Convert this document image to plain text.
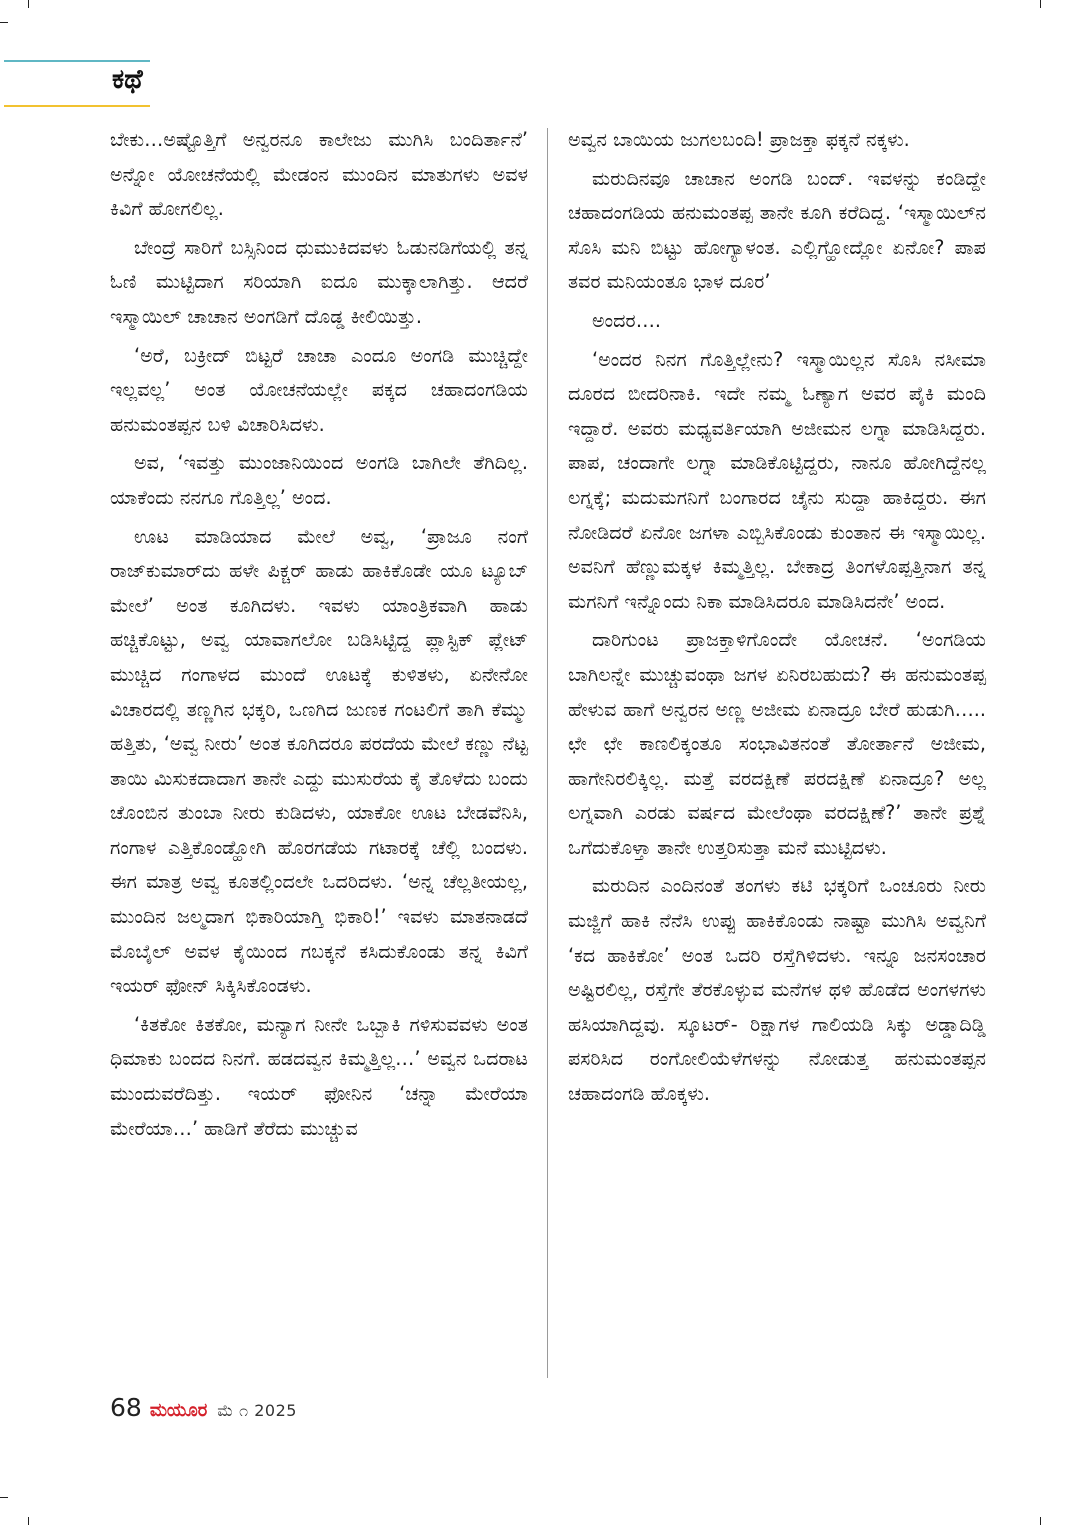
ಕಥೆ

ಬೇಕು…ಅಷ್ಟೊತ್ತಿಗೆ ಅನ್ವರನೂ ಕಾಲೇಜು ಮುಗಿಸಿ ಬಂದಿರ್ತಾನೆ’ ಅನ್ನೋ ಯೋಚನೆಯಲ್ಲಿ ಮೇಡಂನ ಮುಂದಿನ ಮಾತುಗಳು ಅವಳ ಕಿವಿಗೆ ಹೋಗಲಿಲ್ಲ.

ಬೇಂದ್ರೆ ಸಾರಿಗೆ ಬಸ್ಸಿನಿಂದ ಧುಮುಕಿದವಳು ಓಡುನಡಿಗೆಯಲ್ಲಿ ತನ್ನ ಓಣಿ ಮುಟ್ಟಿದಾಗ ಸರಿಯಾಗಿ ಐದೂ ಮುಕ್ಕಾಲಾಗಿತ್ತು. ಆದರೆ ಇಸ್ಮಾಯಿಲ್ ಚಾಚಾನ ಅಂಗಡಿಗೆ ದೊಡ್ಡ ಕೀಲಿಯಿತ್ತು.

‘ಅರೆ, ಬಕ್ರೀದ್ ಬಿಟ್ಟರೆ ಚಾಚಾ ಎಂದೂ ಅಂಗಡಿ ಮುಚ್ಚಿದ್ದೇ ಇಲ್ಲವಲ್ಲ’ ಅಂತ ಯೋಚನೆಯಲ್ಲೇ ಪಕ್ಕದ ಚಹಾದಂಗಡಿಯ ಹನುಮಂತಪ್ಪನ ಬಳಿ ವಿಚಾರಿಸಿದಳು.

ಅವ, ‘ಇವತ್ತು ಮುಂಜಾನಿಯಿಂದ ಅಂಗಡಿ ಬಾಗಿಲೇ ತೆಗಿದಿಲ್ಲ. ಯಾಕೆಂದು ನನಗೂ ಗೊತ್ತಿಲ್ಲ’ ಅಂದ.

ಊಟ ಮಾಡಿಯಾದ ಮೇಲೆ ಅವ್ವ, ‘ಪ್ರಾಜೂ ನಂಗೆ ರಾಜ್‌ಕುಮಾರ್‌ದು ಹಳೇ ಪಿಕ್ಚರ್ ಹಾಡು ಹಾಕಿಕೊಡೇ ಯೂ ಟ್ಯೂಬ್ ಮೇಲೆ’ ಅಂತ ಕೂಗಿದಳು. ಇವಳು ಯಾಂತ್ರಿಕವಾಗಿ ಹಾಡು ಹಚ್ಚಿಕೊಟ್ಟು, ಅವ್ವ ಯಾವಾಗಲೋ ಬಡಿಸಿಟ್ಟಿದ್ದ ಪ್ಲಾಸ್ಟಿಕ್ ಪ್ಲೇಟ್ ಮುಚ್ಚಿದ ಗಂಗಾಳದ ಮುಂದೆ ಊಟಕ್ಕೆ ಕುಳಿತಳು, ಏನೇನೋ ವಿಚಾರದಲ್ಲಿ ತಣ್ಣಗಿನ ಭಕ್ಕರಿ, ಒಣಗಿದ ಜುಣಕ ಗಂಟಲಿಗೆ ತಾಗಿ ಕೆಮ್ಮು ಹತ್ತಿತು, ‘ಅವ್ವ ನೀರು’ ಅಂತ ಕೂಗಿದರೂ ಪರದೆಯ ಮೇಲೆ ಕಣ್ಣು ನೆಟ್ಟ ತಾಯಿ ಮಿಸುಕದಾದಾಗ ತಾನೇ ಎದ್ದು ಮುಸುರೆಯ ಕೈ ತೊಳೆದು ಬಂದು ಚೊಂಬಿನ ತುಂಬಾ ನೀರು ಕುಡಿದಳು, ಯಾಕೋ ಊಟ ಬೇಡವೆನಿಸಿ, ಗಂಗಾಳ ಎತ್ತಿಕೊಂಡ್ಹೋಗಿ ಹೊರಗಡೆಯ ಗಟಾರಕ್ಕೆ ಚೆಲ್ಲಿ ಬಂದಳು. ಈಗ ಮಾತ್ರ ಅವ್ವ ಕೂತಲ್ಲಿಂದಲೇ ಒದರಿದಳು. ‘ಅನ್ನ ಚೆಲ್ಲತೀಯಲ್ಲ, ಮುಂದಿನ ಜಲ್ಮದಾಗ ಭಿಕಾರಿಯಾಗ್ತಿ ಭಿಕಾರಿ!’ ಇವಳು ಮಾತನಾಡದೆ ಮೊಬೈಲ್ ಅವಳ ಕೈಯಿಂದ ಗಬಕ್ಕನೆ ಕಸಿದುಕೊಂಡು ತನ್ನ ಕಿವಿಗೆ ಇಯರ್ ಫೋನ್ ಸಿಕ್ಕಿಸಿಕೊಂಡಳು.

‘ಕಿತಕೋ ಕಿತಕೋ, ಮನ್ಯಾಗ ನೀನೇ ಒಬ್ಬಾಕಿ ಗಳಿಸುವವಳು ಅಂತ ಧಿಮಾಕು ಬಂದದ ನಿನಗೆ. ಹಡದವ್ವನ ಕಿಮ್ಮತ್ತಿಲ್ಲ…’ ಅವ್ವನ ಒದರಾಟ ಮುಂದುವರೆದಿತ್ತು. ಇಯರ್ ಫೋನಿನ ‘ಚನ್ನಾ ಮೇರೆಯಾ ಮೇರೆಯಾ…’ ಹಾಡಿಗೆ ತೆರೆದು ಮುಚ್ಚುವ

ಅವ್ವನ ಬಾಯಿಯ ಜುಗಲಬಂದಿ! ಪ್ರಾಜಕ್ತಾ ಫಕ್ಕನೆ ನಕ್ಕಳು.

ಮರುದಿನವೂ ಚಾಚಾನ ಅಂಗಡಿ ಬಂದ್. ಇವಳನ್ನು ಕಂಡಿದ್ದೇ ಚಹಾದಂಗಡಿಯ ಹನುಮಂತಪ್ಪ ತಾನೇ ಕೂಗಿ ಕರೆದಿದ್ದ. ‘ಇಸ್ಮಾಯಿಲ್‌ನ ಸೊಸಿ ಮನಿ ಬಿಟ್ಟು ಹೋಗ್ಯಾಳಂತ. ಎಲ್ಲಿಗ್ಹೋದ್ಲೋ ಏನೋ? ಪಾಪ ತವರ ಮನಿಯಂತೂ ಭಾಳ ದೂರ’

ಅಂದರ….

‘ಅಂದರ ನಿನಗ ಗೊತ್ತಿಲ್ಲೇನು? ಇಸ್ಮಾಯಿಲ್ಲನ ಸೊಸಿ ನಸೀಮಾ ದೂರದ ಬೀದರಿನಾಕಿ. ಇದೇ ನಮ್ಮ ಓಣ್ಯಾಗ ಅವರ ಪೈಕಿ ಮಂದಿ ಇದ್ದಾರೆ. ಅವರು ಮಧ್ಯವರ್ತಿಯಾಗಿ ಅಜೀಮನ ಲಗ್ನಾ ಮಾಡಿಸಿದ್ದರು. ಪಾಪ, ಚಂದಾಗೇ ಲಗ್ನಾ ಮಾಡಿಕೊಟ್ಟಿದ್ದರು, ನಾನೂ ಹೋಗಿದ್ದೆನಲ್ಲ ಲಗ್ನಕ್ಕೆ; ಮದುಮಗನಿಗೆ ಬಂಗಾರದ ಚೈನು ಸುದ್ದಾ ಹಾಕಿದ್ದರು. ಈಗ ನೋಡಿದರೆ ಏನೋ ಜಗಳಾ ಎಬ್ಬಿಸಿಕೊಂಡು ಕುಂತಾನ ಈ ಇಸ್ಮಾಯಿಲ್ಲ. ಅವನಿಗೆ ಹೆಣ್ಣುಮಕ್ಕಳ ಕಿಮ್ಮತ್ತಿಲ್ಲ. ಬೇಕಾದ್ರ ತಿಂಗಳೊಪ್ಪತ್ತಿನಾಗ ತನ್ನ ಮಗನಿಗೆ ಇನ್ನೊಂದು ನಿಕಾ ಮಾಡಿಸಿದರೂ ಮಾಡಿಸಿದನೇ’ ಅಂದ.

ದಾರಿಗುಂಟ ಪ್ರಾಜಕ್ತಾಳಿಗೊಂದೇ ಯೋಚನೆ. ‘ಅಂಗಡಿಯ ಬಾಗಿಲನ್ನೇ ಮುಚ್ಚುವಂಥಾ ಜಗಳ ಏನಿರಬಹುದು? ಈ ಹನುಮಂತಪ್ಪ ಹೇಳುವ ಹಾಗೆ ಅನ್ವರನ ಅಣ್ಣ ಅಜೀಮ ಏನಾದ್ರೂ ಬೇರೆ ಹುಡುಗಿ….. ಛೇ ಛೇ ಕಾಣಲಿಕ್ಕಂತೂ ಸಂಭಾವಿತನಂತೆ ತೋರ್ತಾನೆ ಅಜೀಮ, ಹಾಗೇನಿರಲಿಕ್ಕಿಲ್ಲ. ಮತ್ತೆ ವರದಕ್ಷಿಣೆ ಪರದಕ್ಷಿಣೆ ಏನಾದ್ರೂ? ಅಲ್ಲ ಲಗ್ನವಾಗಿ ಎರಡು ವರ್ಷದ ಮೇಲೆಂಥಾ ವರದಕ್ಷಿಣೆ?’ ತಾನೇ ಪ್ರಶ್ನೆ ಒಗೆದುಕೊಳ್ತಾ ತಾನೇ ಉತ್ತರಿಸುತ್ತಾ ಮನೆ ಮುಟ್ಟಿದಳು.

ಮರುದಿನ ಎಂದಿನಂತೆ ತಂಗಳು ಕಟಿ ಭಕ್ಕರಿಗೆ ಒಂಚೂರು ನೀರು ಮಜ್ಜಿಗೆ ಹಾಕಿ ನೆನೆಸಿ ಉಪ್ಪು ಹಾಕಿಕೊಂಡು ನಾಷ್ಟಾ ಮುಗಿಸಿ ಅವ್ವನಿಗೆ ‘ಕದ ಹಾಕಿಕೋ’ ಅಂತ ಒದರಿ ರಸ್ತೆಗಿಳಿದಳು. ಇನ್ನೂ ಜನಸಂಚಾರ ಅಷ್ಟಿರಲಿಲ್ಲ, ರಸ್ತೆಗೇ ತೆರಕೊಳ್ಳುವ ಮನೆಗಳ ಥಳಿ ಹೊಡೆದ ಅಂಗಳಗಳು ಹಸಿಯಾಗಿದ್ದವು. ಸ್ಕೂಟರ್- ರಿಕ್ಷಾಗಳ ಗಾಲಿಯಡಿ ಸಿಕ್ಕು ಅಡ್ಡಾದಿಡ್ಡಿ ಪಸರಿಸಿದ ರಂಗೋಲಿಯೆಳೆಗಳನ್ನು ನೋಡುತ್ತ ಹನುಮಂತಪ್ಪನ ಚಹಾದಂಗಡಿ ಹೊಕ್ಕಳು.

68 ಮಯೂರ ಮೆ ೧ 2025
